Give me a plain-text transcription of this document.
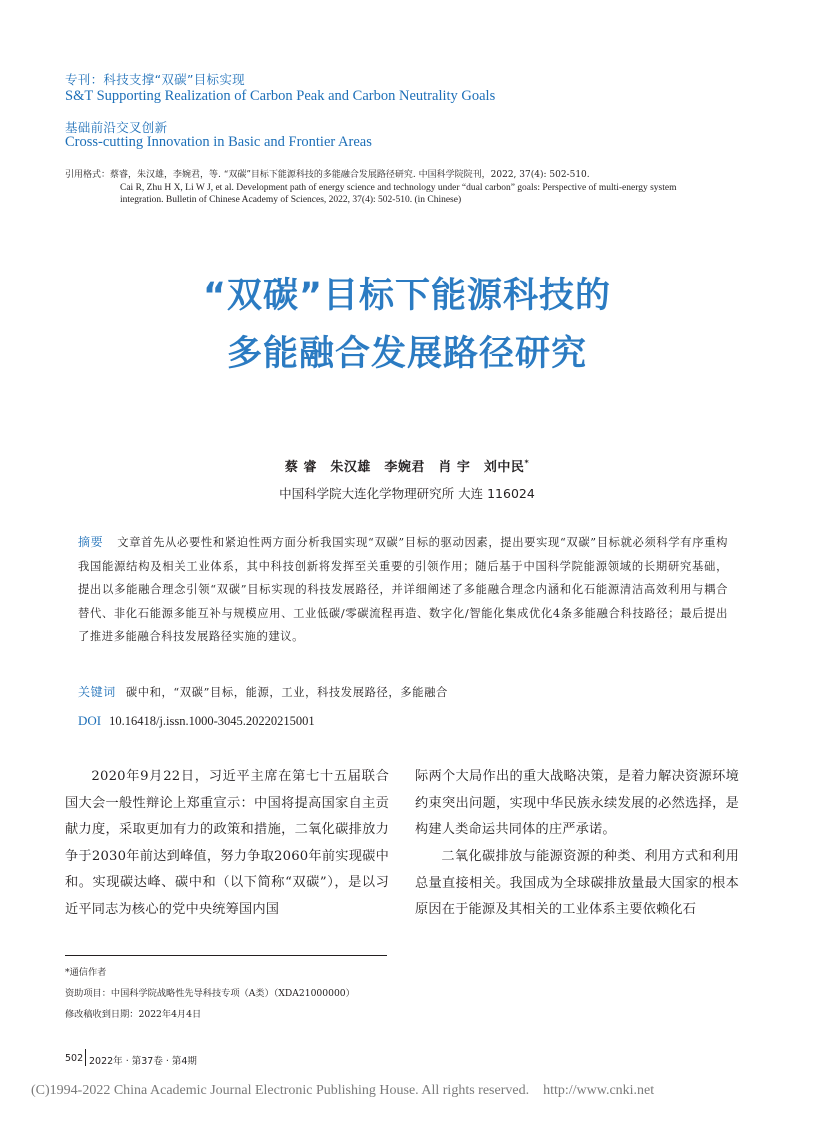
专刊：科技支撑“双碳”目标实现
S&T Supporting Realization of Carbon Peak and Carbon Neutrality Goals
基础前沿交叉创新
Cross-cutting Innovation in Basic and Frontier Areas
引用格式：蔡睿，朱汉雄，李婉君，等. “双碳”目标下能源科技的多能融合发展路径研究. 中国科学院院刊，2022, 37(4): 502-510.
Cai R, Zhu H X, Li W J, et al. Development path of energy science and technology under “dual carbon” goals: Perspective of multi-energy system
integration. Bulletin of Chinese Academy of Sciences, 2022, 37(4): 502-510. (in Chinese)
“双碳”目标下能源科技的
多能融合发展路径研究
蔡 睿　朱汉雄　李婉君　肖 宇　刘中民*
中国科学院大连化学物理研究所 大连 116024
摘要 文章首先从必要性和紧迫性两方面分析我国实现“双碳”目标的驱动因素，提出要实现“双碳”目标就必须科学有序重构我国能源结构及相关工业体系，其中科技创新将发挥至关重要的引领作用；随后基于中国科学院能源领域的长期研究基础，提出以多能融合理念引领“双碳”目标实现的科技发展路径，并详细阐述了多能融合理念内涵和化石能源清洁高效利用与耦合替代、非化石能源多能互补与规模应用、工业低碳/零碳流程再造、数字化/智能化集成优化4条多能融合科技路径；最后提出了推进多能融合科技发展路径实施的建议。
关键词 碳中和，“双碳”目标，能源，工业，科技发展路径，多能融合
DOI 10.16418/j.issn.1000-3045.20220215001
2020年9月22日，习近平主席在第七十五届联合国大会一般性辩论上郑重宣示：中国将提高国家自主贡献力度，采取更加有力的政策和措施，二氧化碳排放力争于2030年前达到峰值，努力争取2060年前实现碳中和。实现碳达峰、碳中和（以下简称“双碳”），是以习近平同志为核心的党中央统筹国内国
际两个大局作出的重大战略决策，是着力解决资源环境约束突出问题，实现中华民族永续发展的必然选择，是构建人类命运共同体的庄严承诺。
二氧化碳排放与能源资源的种类、利用方式和利用总量直接相关。我国成为全球碳排放量最大国家的根本原因在于能源及其相关的工业体系主要依赖化石
*通信作者
资助项目：中国科学院战略性先导科技专项（A类）（XDA21000000）
修改稿收到日期：2022年4月4日
502 2022年 · 第37卷 · 第4期
(C)1994-2022 China Academic Journal Electronic Publishing House. All rights reserved.    http://www.cnki.net
